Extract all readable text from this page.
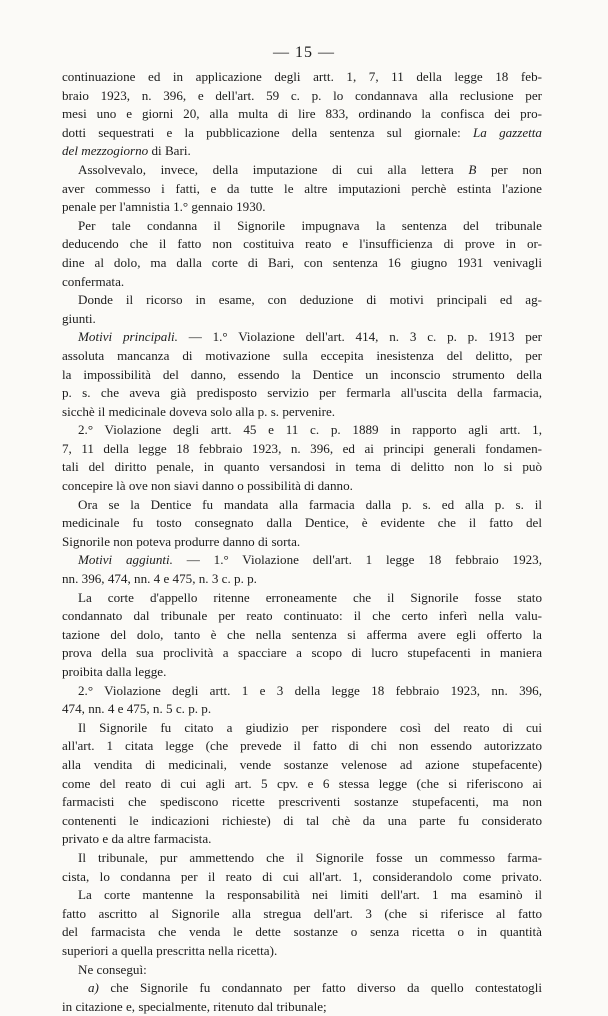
— 15 —
continuazione ed in applicazione degli artt. 1, 7, 11 della legge 18 feb-
braio 1923, n. 396, e dell'art. 59 c. p. lo condannava alla reclusione per
mesi uno e giorni 20, alla multa di lire 833, ordinando la confisca dei pro-
dotti sequestrati e la pubblicazione della sentenza sul giornale: La gazzetta
del mezzogiorno di Bari.
Assolvevalo, invece, della imputazione di cui alla lettera B per non
aver commesso i fatti, e da tutte le altre imputazioni perchè estinta l'azione
penale per l'amnistia 1.° gennaio 1930.
Per tale condanna il Signorile impugnava la sentenza del tribunale
deducendo che il fatto non costituiva reato e l'insufficienza di prove in or-
dine al dolo, ma dalla corte di Bari, con sentenza 16 giugno 1931 venivagli
confermata.
Donde il ricorso in esame, con deduzione di motivi principali ed ag-
giunti.
Motivi principali. — 1.° Violazione dell'art. 414, n. 3 c. p. p. 1913 per
assoluta mancanza di motivazione sulla eccepita inesistenza del delitto, per
la impossibilità del danno, essendo la Dentice un inconscio strumento della
p. s. che aveva già predisposto servizio per fermarla all'uscita della farmacia,
sicchè il medicinale doveva solo alla p. s. pervenire.
2.° Violazione degli artt. 45 e 11 c. p. 1889 in rapporto agli artt. 1,
7, 11 della legge 18 febbraio 1923, n. 396, ed ai principi generali fondamen-
tali del diritto penale, in quanto versandosi in tema di delitto non lo si può
concepire là ove non siavi danno o possibilità di danno.
Ora se la Dentice fu mandata alla farmacia dalla p. s. ed alla p. s. il
medicinale fu tosto consegnato dalla Dentice, è evidente che il fatto del
Signorile non poteva produrre danno di sorta.
Motivi aggiunti. — 1.° Violazione dell'art. 1 legge 18 febbraio 1923,
nn. 396, 474, nn. 4 e 475, n. 3 c. p. p.
La corte d'appello ritenne erroneamente che il Signorile fosse stato
condannato dal tribunale per reato continuato: il che certo inferì nella valu-
tazione del dolo, tanto è che nella sentenza si afferma avere egli offerto la
prova della sua proclività a spacciare a scopo di lucro stupefacenti in maniera
proibita dalla legge.
2.° Violazione degli artt. 1 e 3 della legge 18 febbraio 1923, nn. 396,
474, nn. 4 e 475, n. 5 c. p. p.
Il Signorile fu citato a giudizio per rispondere così del reato di cui
all'art. 1 citata legge (che prevede il fatto di chi non essendo autorizzato
alla vendita di medicinali, vende sostanze velenose ad azione stupefacente)
come del reato di cui agli art. 5 cpv. e 6 stessa legge (che si riferiscono ai
farmacisti che spediscono ricette prescriventi sostanze stupefacenti, ma non
contenenti le indicazioni richieste) di tal chè da una parte fu considerato
privato e da altre farmacista.
Il tribunale, pur ammettendo che il Signorile fosse un commesso farma-
cista, lo condanna per il reato di cui all'art. 1, considerandolo come privato.
La corte mantenne la responsabilità nei limiti dell'art. 1 ma esaminò il
fatto ascritto al Signorile alla stregua dell'art. 3 (che si riferisce al fatto
del farmacista che venda le dette sostanze o senza ricetta o in quantità
superiori a quella prescritta nella ricetta).
Ne conseguì:
a) che Signorile fu condannato per fatto diverso da quello contestatogli
in citazione e, specialmente, ritenuto dal tribunale;
